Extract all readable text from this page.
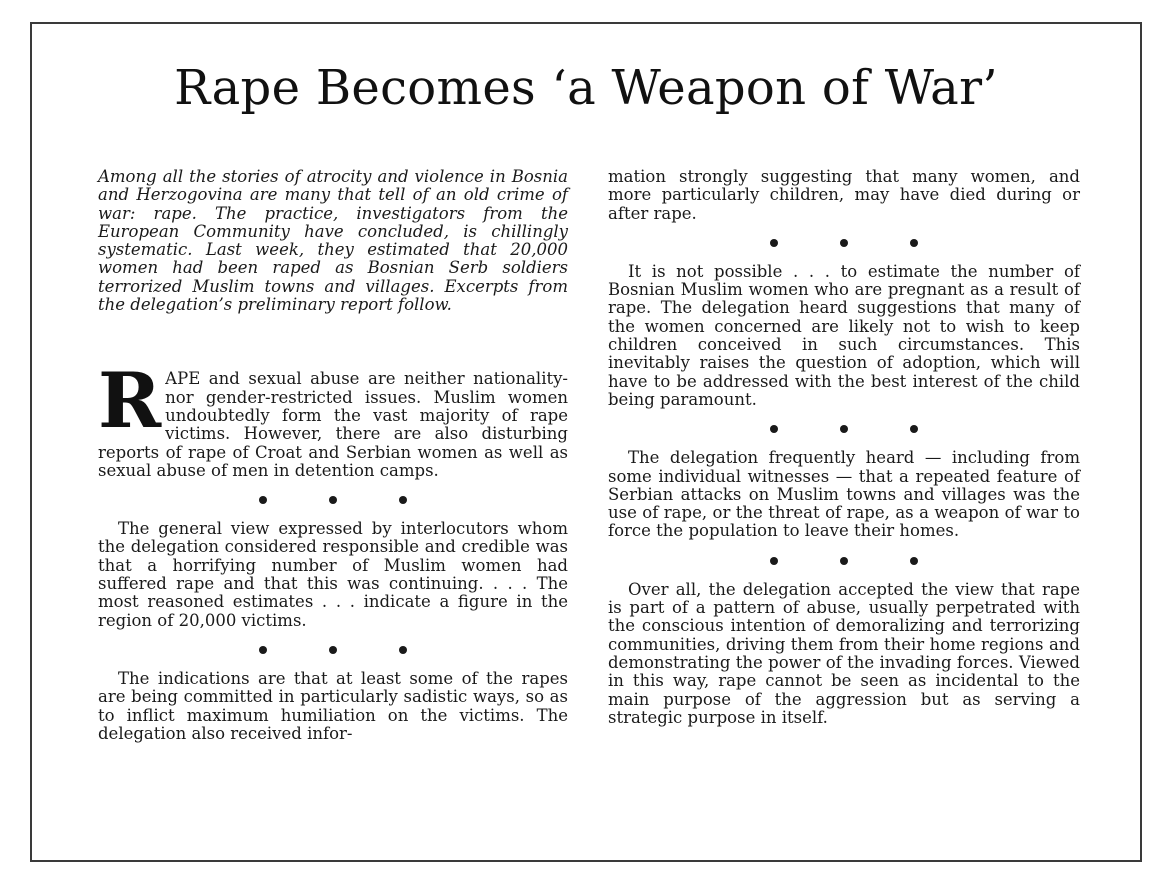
Rape Becomes ‘a Weapon of War’

Among all the stories of atrocity and violence in Bosnia and Herzogovina are many that tell of an old crime of war: rape. The practice, investigators from the European Community have concluded, is chillingly systematic. Last week, they estimated that 20,000 women had been raped as Bosnian Serb soldiers terrorized Muslim towns and villages. Excerpts from the delegation’s preliminary report follow.

RAPE and sexual abuse are neither nationality- nor gender-restricted issues. Muslim women undoubtedly form the vast majority of rape victims. However, there are also disturbing reports of rape of Croat and Serbian women as well as sexual abuse of men in detention camps.

The general view expressed by interlocutors whom the delegation considered responsible and credible was that a horrifying number of Muslim women had suffered rape and that this was continuing. . . . The most reasoned estimates . . . indicate a figure in the region of 20,000 victims.

The indications are that at least some of the rapes are being committed in particularly sadistic ways, so as to inflict maximum humiliation on the victims. The delegation also received infor-

mation strongly suggesting that many women, and more particularly children, may have died during or after rape.

It is not possible . . . to estimate the number of Bosnian Muslim women who are pregnant as a result of rape. The delegation heard suggestions that many of the women concerned are likely not to wish to keep children conceived in such circumstances. This inevitably raises the question of adoption, which will have to be addressed with the best interest of the child being paramount.

The delegation frequently heard — including from some individual witnesses — that a repeated feature of Serbian attacks on Muslim towns and villages was the use of rape, or the threat of rape, as a weapon of war to force the population to leave their homes.

Over all, the delegation accepted the view that rape is part of a pattern of abuse, usually perpetrated with the conscious intention of demoralizing and terrorizing communities, driving them from their home regions and demonstrating the power of the invading forces. Viewed in this way, rape cannot be seen as incidental to the main purpose of the aggression but as serving a strategic purpose in itself.
